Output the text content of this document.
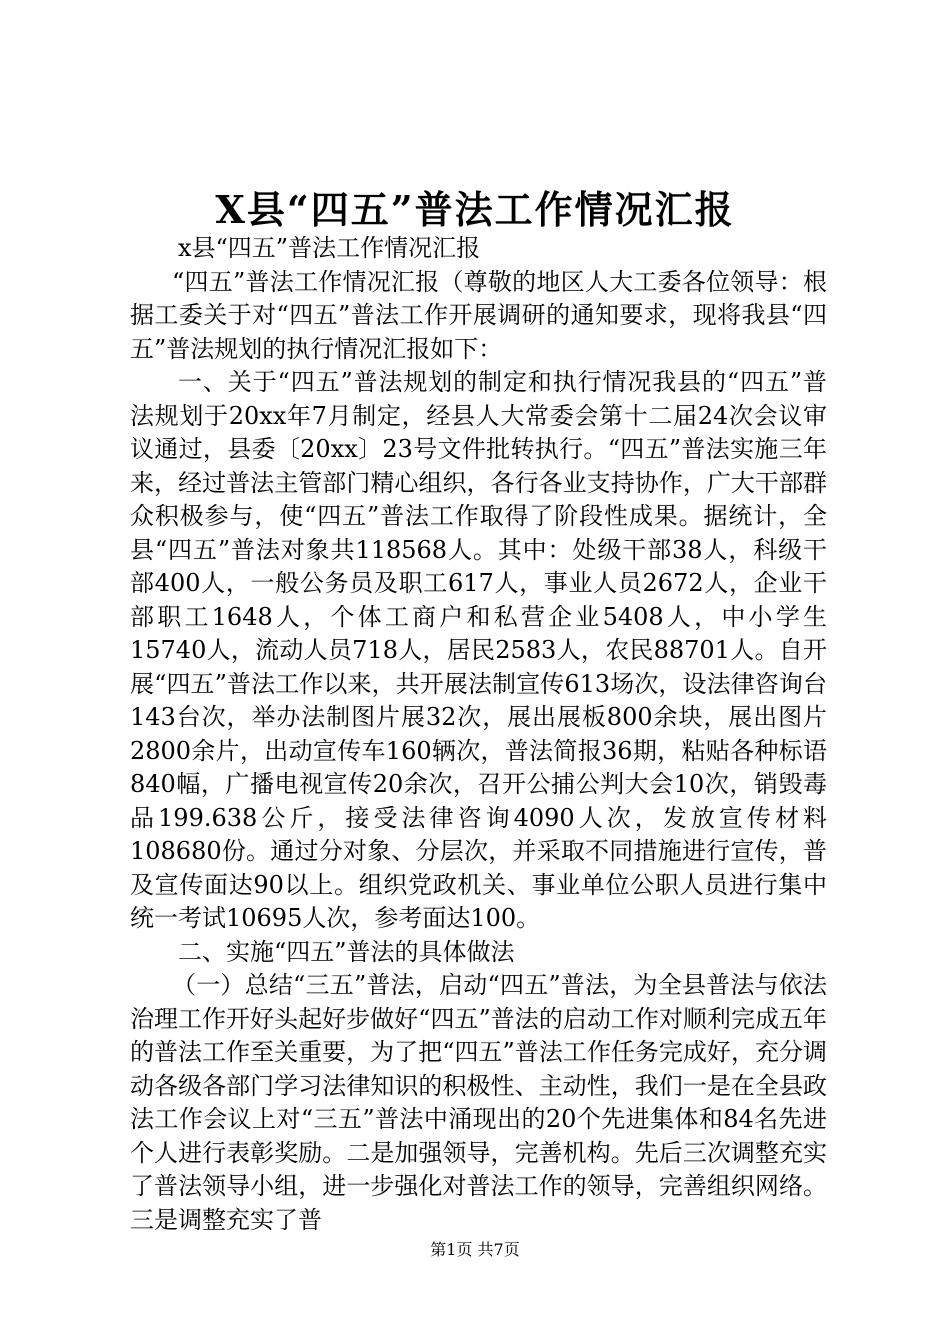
X县“四五”普法工作情况汇报

x县“四五”普法工作情况汇报

“四五”普法工作情况汇报（尊敬的地区人大工委各位领导：根据工委关于对“四五”普法工作开展调研的通知要求，现将我县“四五”普法规划的执行情况汇报如下：

一、关于“四五”普法规划的制定和执行情况我县的“四五”普法规划于20xx年7月制定，经县人大常委会第十二届24次会议审议通过，县委〔20xx〕23号文件批转执行。“四五”普法实施三年来，经过普法主管部门精心组织，各行各业支持协作，广大干部群众积极参与，使“四五”普法工作取得了阶段性成果。据统计，全县“四五”普法对象共118568人。其中：处级干部38人，科级干部400人，一般公务员及职工617人，事业人员2672人，企业干部职工1648人，个体工商户和私营企业5408人，中小学生15740人，流动人员718人，居民2583人，农民88701人。自开展“四五”普法工作以来，共开展法制宣传613场次，设法律咨询台143台次，举办法制图片展32次，展出展板800余块，展出图片2800余片，出动宣传车160辆次，普法简报36期，粘贴各种标语840幅，广播电视宣传20余次，召开公捕公判大会10次，销毁毒品199.638公斤，接受法律咨询4090人次，发放宣传材料108680份。通过分对象、分层次，并采取不同措施进行宣传，普及宣传面达90以上。组织党政机关、事业单位公职人员进行集中统一考试10695人次，参考面达100。

二、实施“四五”普法的具体做法

（一）总结“三五”普法，启动“四五”普法，为全县普法与依法治理工作开好头起好步做好“四五”普法的启动工作对顺利完成五年的普法工作至关重要，为了把“四五”普法工作任务完成好，充分调动各级各部门学习法律知识的积极性、主动性，我们一是在全县政法工作会议上对“三五”普法中涌现出的20个先进集体和84名先进个人进行表彰奖励。二是加强领导，完善机构。先后三次调整充实了普法领导小组，进一步强化对普法工作的领导，完善组织网络。三是调整充实了普

第1页 共7页
